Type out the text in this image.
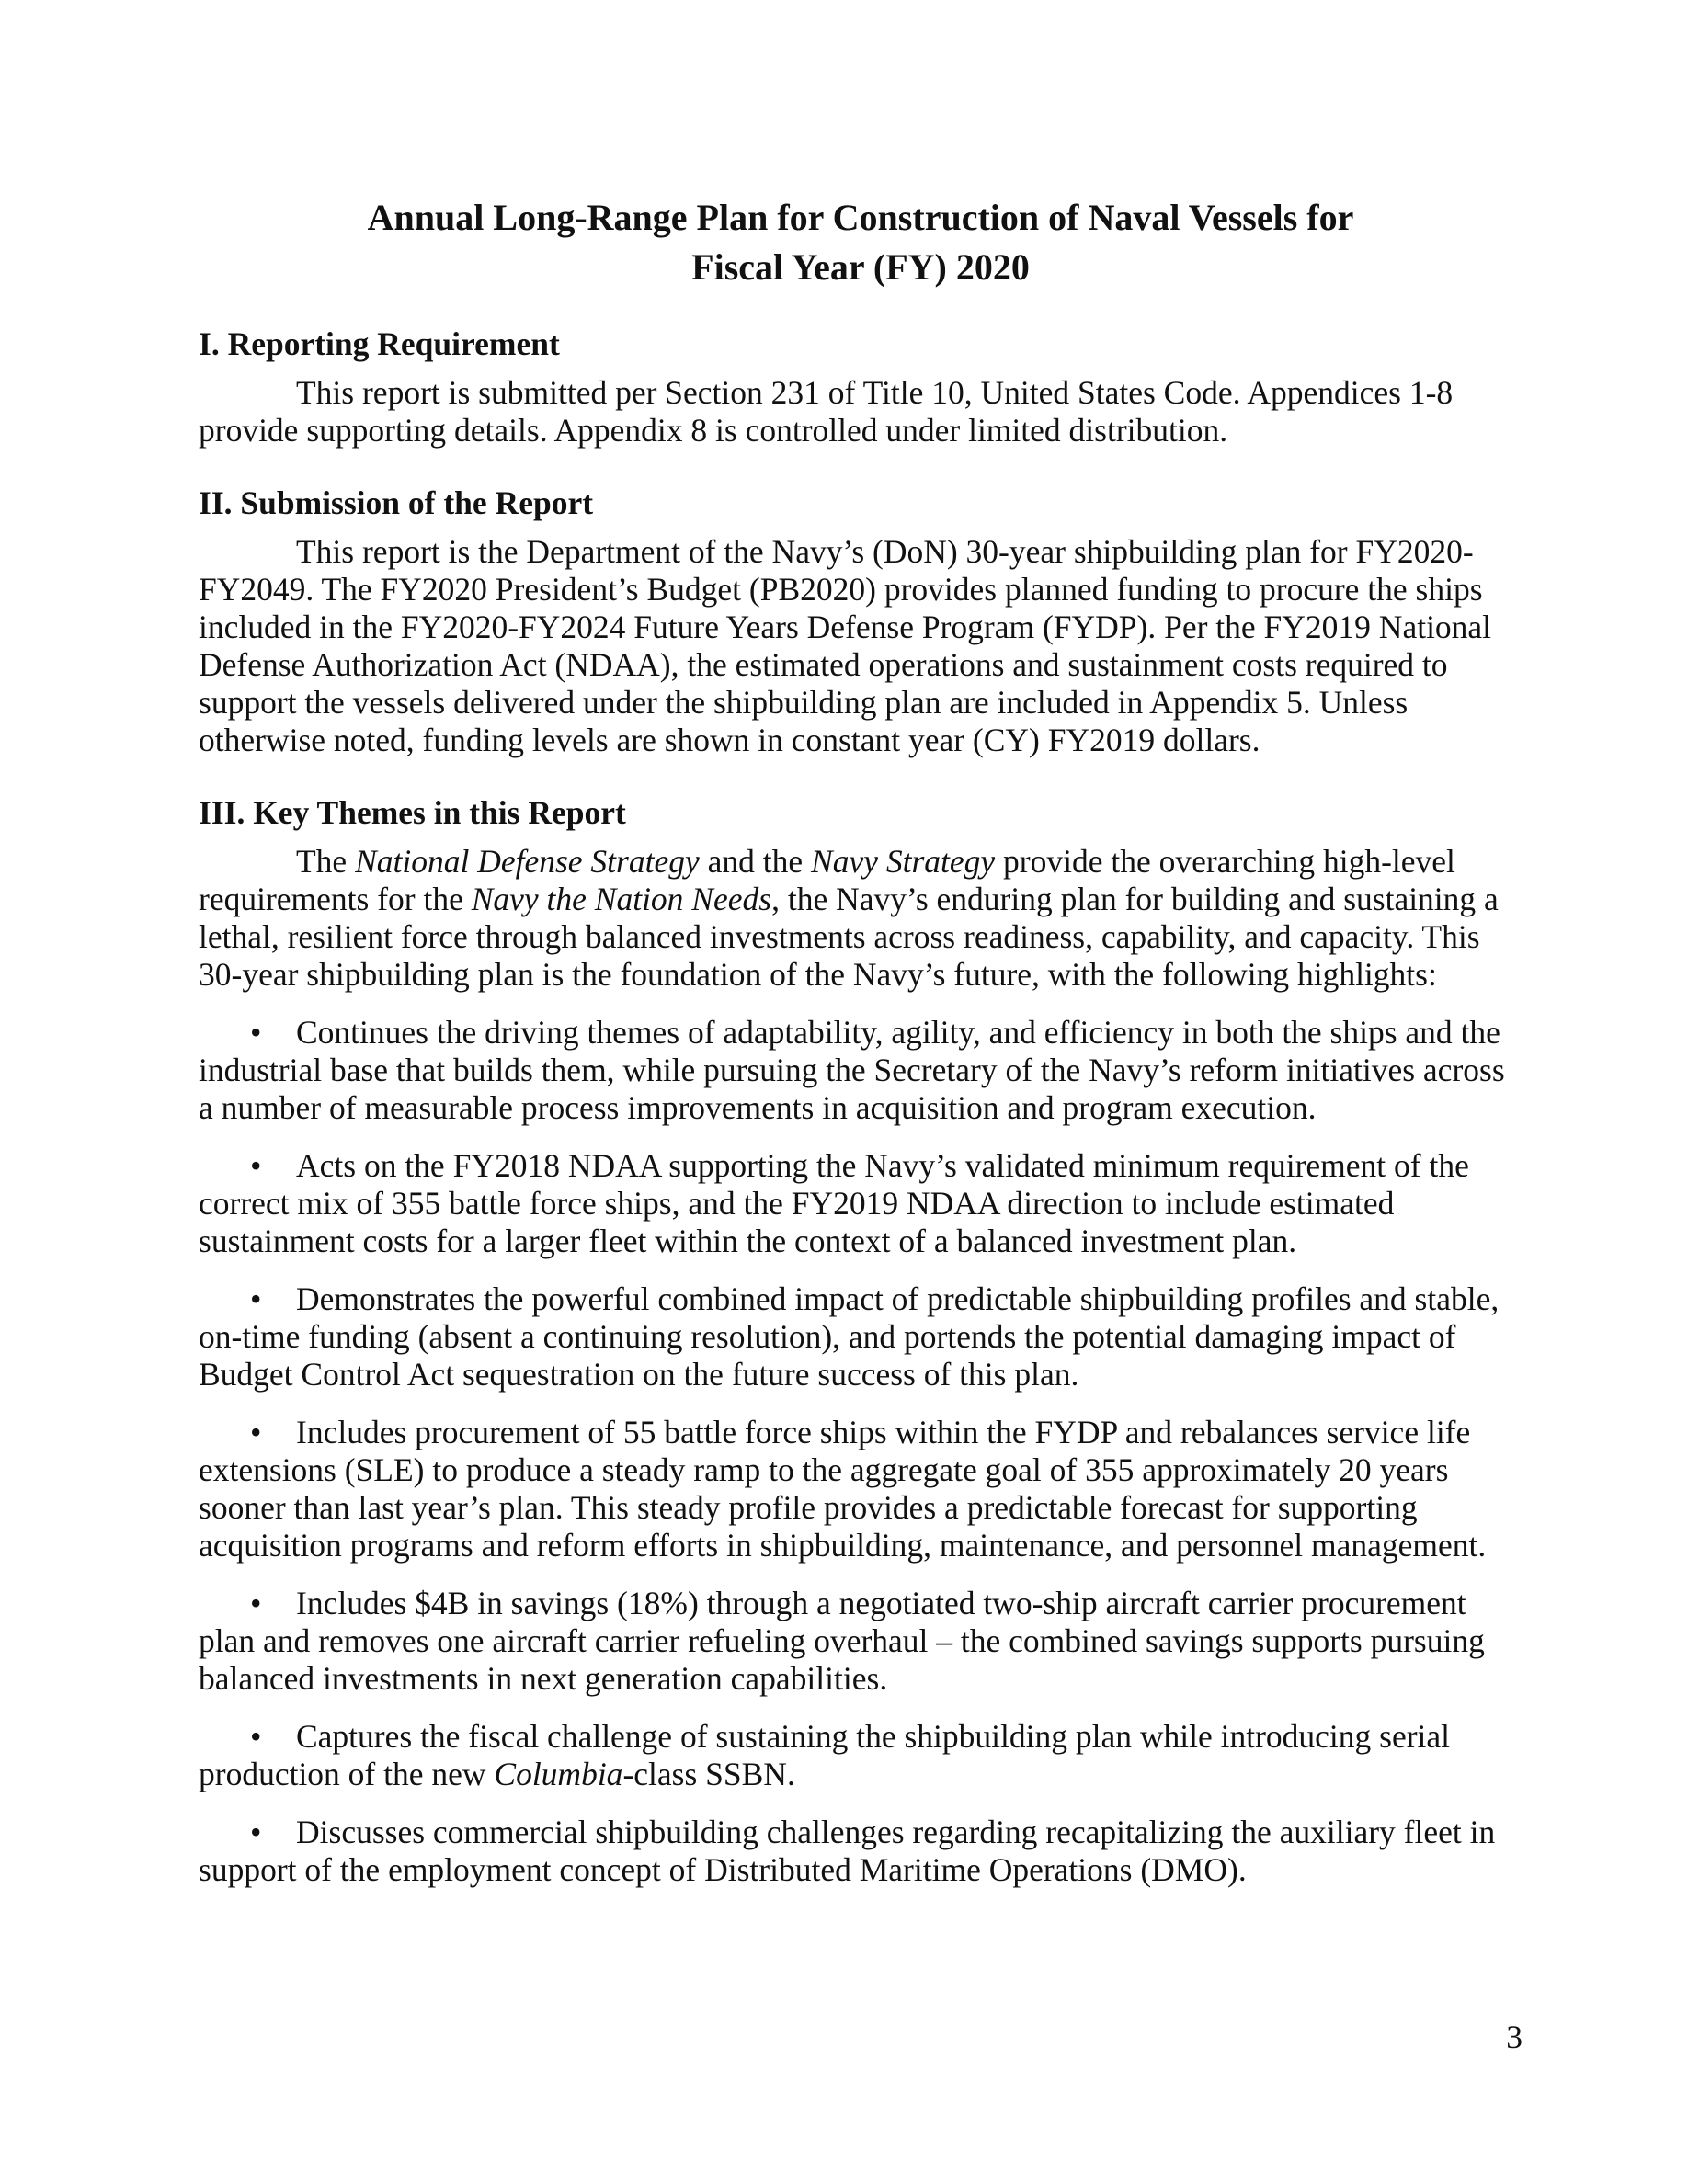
Annual Long-Range Plan for Construction of Naval Vessels for
Fiscal Year (FY) 2020
I. Reporting Requirement

This report is submitted per Section 231 of Title 10, United States Code. Appendices 1-8 provide supporting details. Appendix 8 is controlled under limited distribution.

II. Submission of the Report

This report is the Department of the Navy’s (DoN) 30-year shipbuilding plan for FY2020-FY2049. The FY2020 President’s Budget (PB2020) provides planned funding to procure the ships included in the FY2020-FY2024 Future Years Defense Program (FYDP). Per the FY2019 National Defense Authorization Act (NDAA), the estimated operations and sustainment costs required to support the vessels delivered under the shipbuilding plan are included in Appendix 5. Unless otherwise noted, funding levels are shown in constant year (CY) FY2019 dollars.

III. Key Themes in this Report

The National Defense Strategy and the Navy Strategy provide the overarching high-level requirements for the Navy the Nation Needs, the Navy’s enduring plan for building and sustaining a lethal, resilient force through balanced investments across readiness, capability, and capacity. This 30-year shipbuilding plan is the foundation of the Navy’s future, with the following highlights:

• Continues the driving themes of adaptability, agility, and efficiency in both the ships and the industrial base that builds them, while pursuing the Secretary of the Navy’s reform initiatives across a number of measurable process improvements in acquisition and program execution.

• Acts on the FY2018 NDAA supporting the Navy’s validated minimum requirement of the correct mix of 355 battle force ships, and the FY2019 NDAA direction to include estimated sustainment costs for a larger fleet within the context of a balanced investment plan.

• Demonstrates the powerful combined impact of predictable shipbuilding profiles and stable, on-time funding (absent a continuing resolution), and portends the potential damaging impact of Budget Control Act sequestration on the future success of this plan.

• Includes procurement of 55 battle force ships within the FYDP and rebalances service life extensions (SLE) to produce a steady ramp to the aggregate goal of 355 approximately 20 years sooner than last year’s plan. This steady profile provides a predictable forecast for supporting acquisition programs and reform efforts in shipbuilding, maintenance, and personnel management.

• Includes $4B in savings (18%) through a negotiated two-ship aircraft carrier procurement plan and removes one aircraft carrier refueling overhaul – the combined savings supports pursuing balanced investments in next generation capabilities.

• Captures the fiscal challenge of sustaining the shipbuilding plan while introducing serial production of the new Columbia-class SSBN.

• Discusses commercial shipbuilding challenges regarding recapitalizing the auxiliary fleet in support of the employment concept of Distributed Maritime Operations (DMO).

3
